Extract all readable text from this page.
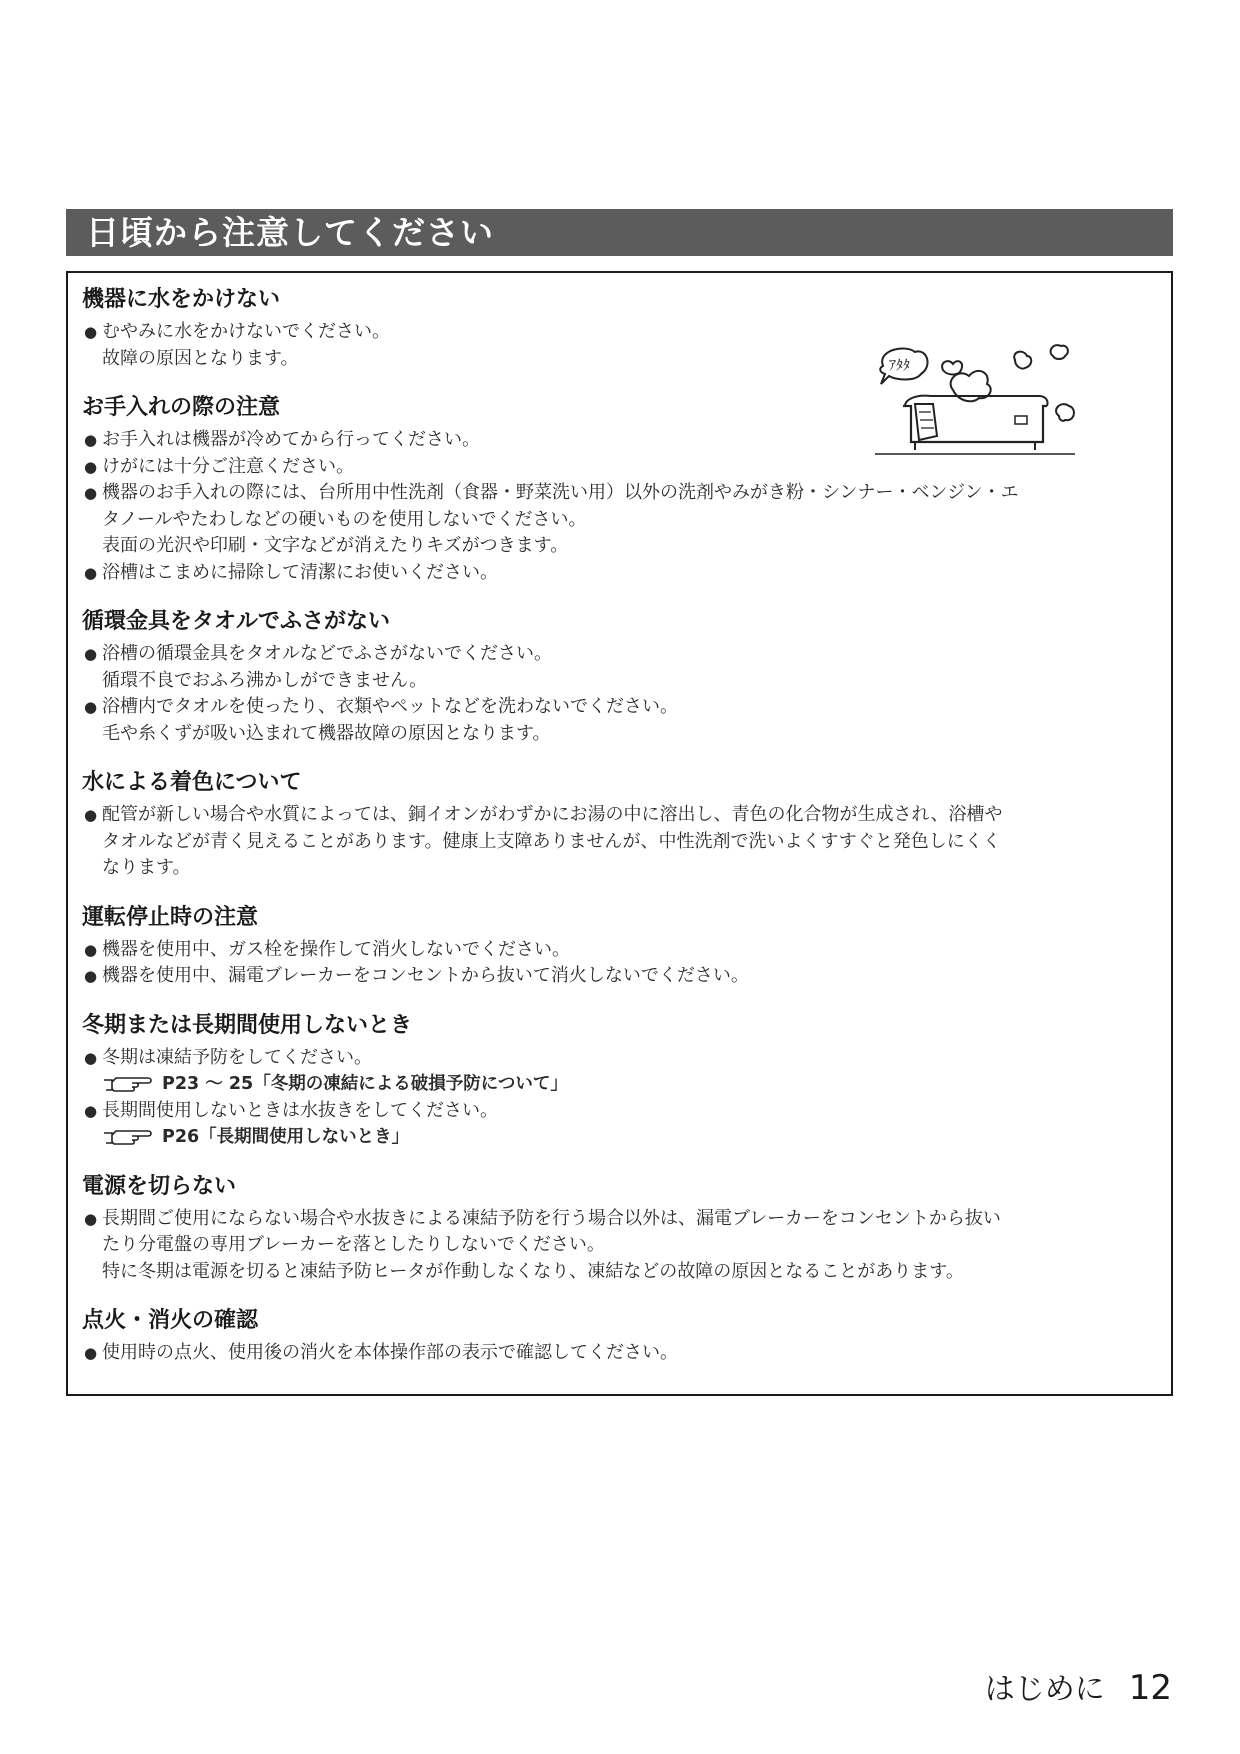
日頃から注意してください
機器に水をかけない
● むやみに水をかけないでください。
故障の原因となります。
お手入れの際の注意
● お手入れは機器が冷めてから行ってください。
● けがには十分ご注意ください。
● 機器のお手入れの際には、台所用中性洗剤（食器・野菜洗い用）以外の洗剤やみがき粉・シンナー・ベンジン・エ
タノールやたわしなどの硬いものを使用しないでください。
表面の光沢や印刷・文字などが消えたりキズがつきます。
● 浴槽はこまめに掃除して清潔にお使いください。
循環金具をタオルでふさがない
● 浴槽の循環金具をタオルなどでふさがないでください。
循環不良でおふろ沸かしができません。
● 浴槽内でタオルを使ったり、衣類やペットなどを洗わないでください。
毛や糸くずが吸い込まれて機器故障の原因となります。
水による着色について
● 配管が新しい場合や水質によっては、銅イオンがわずかにお湯の中に溶出し、青色の化合物が生成され、浴槽や
タオルなどが青く見えることがあります。健康上支障ありませんが、中性洗剤で洗いよくすすぐと発色しにくく
なります。
運転停止時の注意
● 機器を使用中、ガス栓を操作して消火しないでください。
● 機器を使用中、漏電ブレーカーをコンセントから抜いて消火しないでください。
冬期または長期間使用しないとき
● 冬期は凍結予防をしてください。
P23 ～ 25「冬期の凍結による破損予防について」
● 長期間使用しないときは水抜きをしてください。
P26「長期間使用しないとき」
電源を切らない
● 長期間ご使用にならない場合や水抜きによる凍結予防を行う場合以外は、漏電ブレーカーをコンセントから抜い
たり分電盤の専用ブレーカーを落としたりしないでください。
特に冬期は電源を切ると凍結予防ヒータが作動しなくなり、凍結などの故障の原因となることがあります。
点火・消火の確認
● 使用時の点火、使用後の消火を本体操作部の表示で確認してください。
ｱﾀﾀ
はじめに 12
